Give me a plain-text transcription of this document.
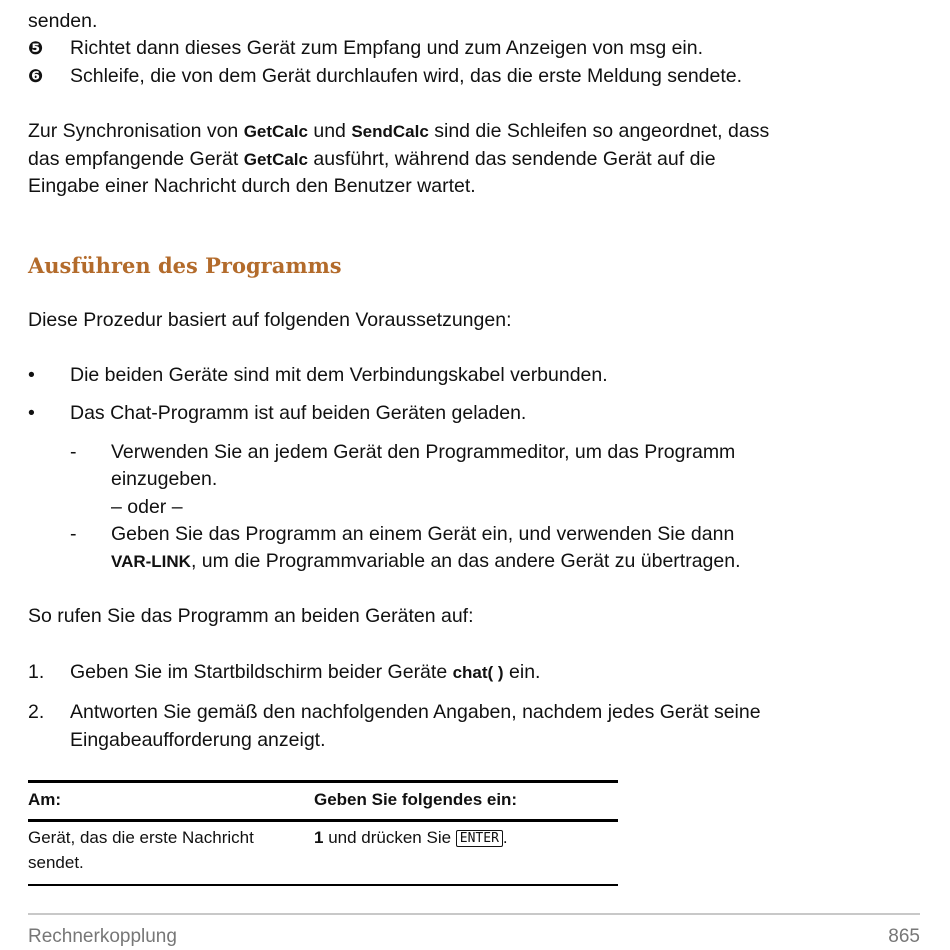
senden.
❺ Richtet dann dieses Gerät zum Empfang und zum Anzeigen von msg ein.
❻ Schleife, die von dem Gerät durchlaufen wird, das die erste Meldung sendete.
Zur Synchronisation von GetCalc und SendCalc sind die Schleifen so angeordnet, dass
das empfangende Gerät GetCalc ausführt, während das sendende Gerät auf die
Eingabe einer Nachricht durch den Benutzer wartet.
Ausführen des Programms
Diese Prozedur basiert auf folgenden Voraussetzungen:
• Die beiden Geräte sind mit dem Verbindungskabel verbunden.
• Das Chat-Programm ist auf beiden Geräten geladen.
- Verwenden Sie an jedem Gerät den Programmeditor, um das Programm
einzugeben.
– oder –
- Geben Sie das Programm an einem Gerät ein, und verwenden Sie dann
VAR-LINK, um die Programmvariable an das andere Gerät zu übertragen.
So rufen Sie das Programm an beiden Geräten auf:
1. Geben Sie im Startbildschirm beider Geräte chat( ) ein.
2. Antworten Sie gemäß den nachfolgenden Angaben, nachdem jedes Gerät seine
Eingabeaufforderung anzeigt.
Am:	Geben Sie folgendes ein:
Gerät, das die erste Nachricht
sendet.
1 und drücken Sie ENTER .
Rechnerkopplung	865
